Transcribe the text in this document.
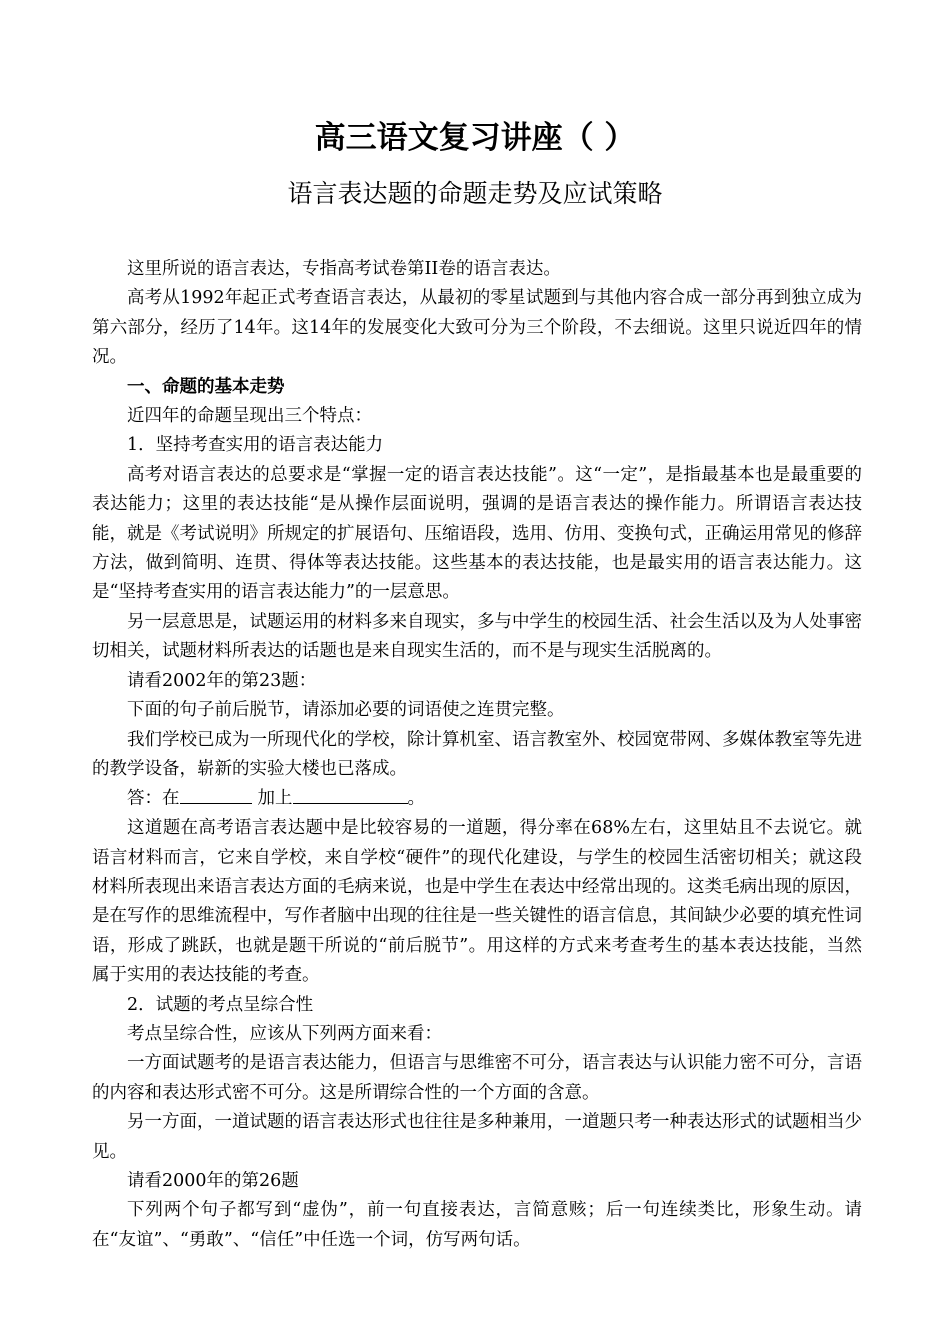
高三语文复习讲座（ ）
语言表达题的命题走势及应试策略

这里所说的语言表达，专指高考试卷第II卷的语言表达。

高考从1992年起正式考查语言表达，从最初的零星试题到与其他内容合成一部分再到独立成为第六部分，经历了14年。这14年的发展变化大致可分为三个阶段，不去细说。这里只说近四年的情况。

一、命题的基本走势

近四年的命题呈现出三个特点：

1．坚持考查实用的语言表达能力

高考对语言表达的总要求是“掌握一定的语言表达技能”。这“一定”，是指最基本也是最重要的表达能力；这里的表达技能“是从操作层面说明，强调的是语言表达的操作能力。所谓语言表达技能，就是《考试说明》所规定的扩展语句、压缩语段，选用、仿用、变换句式，正确运用常见的修辞方法，做到简明、连贯、得体等表达技能。这些基本的表达技能，也是最实用的语言表达能力。这是“坚持考查实用的语言表达能力”的一层意思。

另一层意思是，试题运用的材料多来自现实，多与中学生的校园生活、社会生活以及为人处事密切相关，试题材料所表达的话题也是来自现实生活的，而不是与现实生活脱离的。

请看2002年的第23题：

下面的句子前后脱节，请添加必要的词语使之连贯完整。

我们学校已成为一所现代化的学校，除计算机室、语言教室外、校园宽带网、多媒体教室等先进的教学设备，崭新的实验大楼也已落成。

答：在	加上	。

这道题在高考语言表达题中是比较容易的一道题，得分率在68%左右，这里姑且不去说它。就语言材料而言，它来自学校，来自学校“硬件”的现代化建设，与学生的校园生活密切相关；就这段材料所表现出来语言表达方面的毛病来说，也是中学生在表达中经常出现的。这类毛病出现的原因，是在写作的思维流程中，写作者脑中出现的往往是一些关键性的语言信息，其间缺少必要的填充性词语，形成了跳跃，也就是题干所说的“前后脱节”。用这样的方式来考查考生的基本表达技能，当然属于实用的表达技能的考查。

2．试题的考点呈综合性

考点呈综合性，应该从下列两方面来看：

一方面试题考的是语言表达能力，但语言与思维密不可分，语言表达与认识能力密不可分，言语的内容和表达形式密不可分。这是所谓综合性的一个方面的含意。

另一方面，一道试题的语言表达形式也往往是多种兼用，一道题只考一种表达形式的试题相当少见。

请看2000年的第26题

下列两个句子都写到“虚伪”，前一句直接表达，言简意赅；后一句连续类比，形象生动。请在“友谊”、“勇敢”、“信任”中任选一个词，仿写两句话。
